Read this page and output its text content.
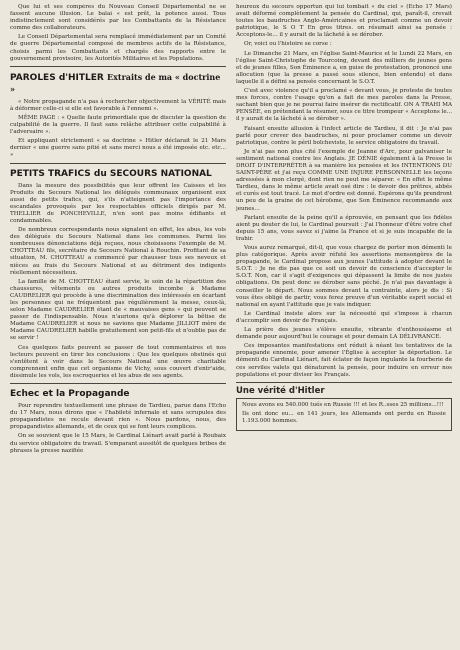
Que lui et ses compères du Nouveau Conseil Départemental ne se fassent aucune illusion. Le balai « est prêt, la potence aussi. Tous indistinctement sont considérés par les Combattants de la Résistance comme des collaborateurs.

Le Conseil Départemental sera remplacé immédiatement par un Comité de guerre Départemental composé de membres actifs de la Résistance, choisis parmi les Combattants et chargés des rapports entre le gouvernement provisoire, les Autorités Militaires et les Populations.

PAROLES d'HITLER Extraits de ma « doctrine »

« Notre propagande n'a pas à rechercher objectivement la VÉRITÉ mais à déformer celle-ci si elle est favorable à l'ennemi ».

MÊME PAGE : « Quelle faute primordiale que de discuter la question de culpabilité de la guerre. Il faut sans relâche attribuer cette culpabilité à l'adversaire ».

Et appliquant strictement « sa doctrine » Hitler déclarait le 21 Mars dernier « une guerre sans pitié et sans merci nous a été imposée etc. etc... »

PETITS TRAFICS du SECOURS NATIONAL

Dans la mesure des possibilités que leur offrent les Caisses et les Produits du Secours National les délégués communaux organisent eux aussi de petits trafics, qui, s'ils n'atteignent pas l'importance des escandales provoqués par les respectables officiels dirigés par M. THELLIER de PONCHEVILLE, n'en sont pas moins édifiants et condamnables.

De nombreux correspondants nous signalent en effet, les abus, les vols des délégués du Secours National dans les communes. Parmi les nombreuses dénonciations déjà reçues, nous choisissons l'exemple de M. CHOTTEAU fils, secrétaire du Secours National à Rouchin. Profitant de sa situation, M. CHOTTEAU a commencé par chausser tous ses neveux et nièces au frais du Secours National et au détriment des indigents réellement nécessiteux.

La famille de M. CHOTTEAU étant servie, le soin de la répartition des chaussures, vêtements ou autres produits incombe à Madame CAUDRELIER qui procède à une discrimination des intéressés en écartant les personnes qui ne fréquentent pas régulièrement la messe, ceux-là, selon Madame CAUDRELIER étant de « mauvaises gens » qui peuvent se passer de l'indispensable. Nous n'aurions qu'à déplorer la bêtise de Madame CAUDRELIER si nous ne savions que Madame JILLIOT mère de Madame CAUDRELIER habille gratuitement son petit-fils et n'oublie pas de se servir !

Ces quelques faits peuvent se passer de tout commentaires et nos lecteurs peuvent en tirer les conclusions : Que les quelques obstinés qui s'entêtent à voir dans le Secours National une œuvre charitable comprennent enfin que cet organisme de Vichy, sous couvert d'entr'aide, dissimule les vols, les escroqueries et les abus de ses agents.

Echec et la Propagande

Pour reprendre textuellement une phrase de Tardieu, parue dans l'Echo du 17 Mars, nous dirons que « l'habileté infernale et sans scrupules des propagandistes ne recule devant rien ». Nous pardons, nous, des propagandistes allemands, et de ceux qui se font leurs complices.

On se souvient que le 15 Mars, le Cardinal Liénart avait parlé à Roubaix du service obligatoire du travail. S'emparant aussitôt de quelques bribes de phrases la presse nazifiée

heureux du secours opportun qui lui tombait « du ciel » (Echo 17 Mars) avait déformé complètement la pensée du Cardinal, qui, paraît-il, crevait toutes les baudruches Anglo-Américaines et proclamait comme un devoir patriotique, le S O T En gros titres. on résumait ainsi sa pensée : Acceptons-le... il y aurait de la lâcheté à se dérober.

Or, voici ou l'histoire se corse :

Le Dimanche 21 Mars, en l'église Saint-Maurice et le Lundi 22 Mars, en l'église Saint-Christophe de Tourcoing, devant des milliers de jeunes gens et de jeunes filles, Son Éminence a, en guise de protestation, prononcé une allocution (que la presse a passé sous silence, bien entendu) et dans laquelle il a défini sa pensée concernant le S.O.T.

C'est avec violence qu'il a proclamé « devant vous, je proteste de toutes mes forces, contre l'usage qu'on a fait de mes paroles dans la Presse, sachant bien que je ne pourrai faire insérer de rectificatif. ON A TRAHI MA PENSÉE, en prétendant la résumer, sous ce titre trompeur « Acceptons le... il y aurait de la lâcheté à se dérober ».

Faisant ensuite allusion à l'infect article de Tardieu, il dit : Je n'ai pas parlé pour crever des baudruches, ni pour proclamer comme un devoir patriotique, contre le péril bolcheviste, le service obligatoire du travail.

Je n'ai pas non plus cité l'exemple de Jeanne d'Arc, pour galvaniser le sentiment national contre les Anglais. JE DÉNIE également à la Presse le DROIT D'INTERPRÉTER à sa manière les pensées et les INTENTIONS DU SAINT-PÈRE et j'ai reçu COMME UNE INJURE PERSONNELLE les leçons adressées à mon clergé, dont rien ne peut me séparer. « En effet le même Tardieu, dans le même article avait osé dire : le devoir des prêtres, abbés et curés est tout tracé. Le mot d'ordre est donné. Espérons qu'ils prendront un peu de la graine de cet héroïsme, que Son Éminence recommande aux jeunes...

Parlant ensuite de la peine qu'il a éprouvée, en pensant que les fidèles aient pu douter de lui, le Cardinal poursuit : J'ai l'honneur d'être votre chef depuis 15 ans, vous savez si j'aime la France et si je suis incapable de la trahir.

Vous aurez remarqué, dit-il, que vous chargez de porter mon démenti le plus catégorique. Après avoir réfuté les assertions mensongères de la propagande, le Cardinal propose aux jeunes l'attitude à adopter devant le S.O.T. : Je ne dis pas que ce soit un devoir de conscience d'accepter le S.O.T. Non, car il s'agit d'exigences qui dépassent la limite de nos justes obligations. On peut donc se dérober sans péché. Je n'ai pas davantage à conseiller le départ. Nous sommes devant la contrainte, alors je dis : Si vous êtes obligé de partir, vous ferez preuve d'un véritable esprit social et national en ayant l'attitude que je vais indiquer.

Le Cardinal insiste alors sur la nécessité qui s'impose à chacun d'accomplir son devoir de Français.

La prière des jeunes s'élève ensuite, vibrante d'enthousiasme et demande pour aujourd'hui le courage et pour demain LA DÉLIVRANCE.

Ces imposantes manifestations ont réduit à néant les tentatives de la propagande ennemie, pour amener l'Église à accepter la déportation. Le démenti du Cardinal Liénart, fait éclater de façon ingulante la fourberie de ces serviles valets qui dénaturent la pensée, pour induire en erreur nos populations et pour diviser les Français.

Une vérité d'Hitler

Nous avons eu 540.000 tués en Russie !!! et les R..sses 25 millions...!!!

Ils ont donc eu... en 141 jours, les Allemands ont perdu en Russie 1.193.000 hommes.
